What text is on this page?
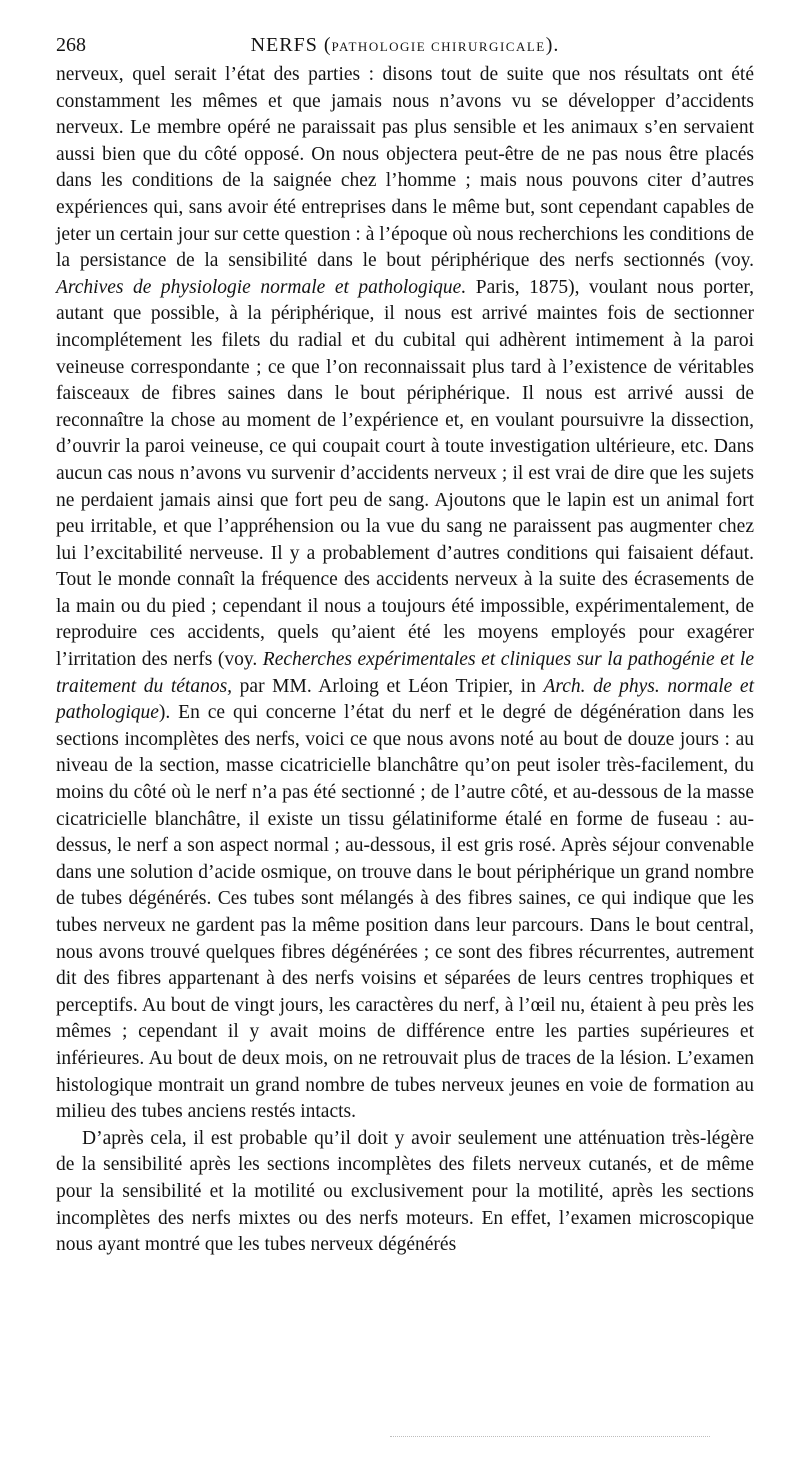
268	NERFS (PATHOLOGIE CHIRURGICALE).

nerveux, quel serait l’état des parties : disons tout de suite que nos résultats ont été constamment les mêmes et que jamais nous n’avons vu se développer d’accidents nerveux. Le membre opéré ne paraissait pas plus sensible et les animaux s’en servaient aussi bien que du côté opposé. On nous objectera peut-être de ne pas nous être placés dans les conditions de la saignée chez l’homme ; mais nous pouvons citer d’autres expériences qui, sans avoir été entreprises dans le même but, sont cependant capables de jeter un certain jour sur cette question : à l’époque où nous recherchions les conditions de la persistance de la sensibilité dans le bout périphérique des nerfs sectionnés (voy. Archives de physiologie normale et pathologique. Paris, 1875), voulant nous porter, autant que possible, à la périphérique, il nous est arrivé maintes fois de sectionner incomplétement les filets du radial et du cubital qui adhèrent intimement à la paroi veineuse correspondante ; ce que l’on reconnaissait plus tard à l’existence de véritables faisceaux de fibres saines dans le bout périphérique. Il nous est arrivé aussi de reconnaître la chose au moment de l’expérience et, en voulant poursuivre la dissection, d’ouvrir la paroi veineuse, ce qui coupait court à toute investigation ultérieure, etc. Dans aucun cas nous n’avons vu survenir d’accidents nerveux ; il est vrai de dire que les sujets ne perdaient jamais ainsi que fort peu de sang. Ajoutons que le lapin est un animal fort peu irritable, et que l’appréhension ou la vue du sang ne paraissent pas augmenter chez lui l’excitabilité nerveuse. Il y a probablement d’autres conditions qui faisaient défaut. Tout le monde connaît la fréquence des accidents nerveux à la suite des écrasements de la main ou du pied ; cependant il nous a toujours été impossible, expérimentalement, de reproduire ces accidents, quels qu’aient été les moyens employés pour exagérer l’irritation des nerfs (voy. Recherches expérimentales et cliniques sur la pathogénie et le traitement du tétanos, par MM. Arloing et Léon Tripier, in Arch. de phys. normale et pathologique). En ce qui concerne l’état du nerf et le degré de dégénération dans les sections incomplètes des nerfs, voici ce que nous avons noté au bout de douze jours : au niveau de la section, masse cicatricielle blanchâtre qu’on peut isoler très-facilement, du moins du côté où le nerf n’a pas été sectionné ; de l’autre côté, et au-dessous de la masse cicatricielle blanchâtre, il existe un tissu gélatiniforme étalé en forme de fuseau : au-dessus, le nerf a son aspect normal ; au-dessous, il est gris rosé. Après séjour convenable dans une solution d’acide osmique, on trouve dans le bout périphérique un grand nombre de tubes dégénérés. Ces tubes sont mélangés à des fibres saines, ce qui indique que les tubes nerveux ne gardent pas la même position dans leur parcours. Dans le bout central, nous avons trouvé quelques fibres dégénérées ; ce sont des fibres récurrentes, autrement dit des fibres appartenant à des nerfs voisins et séparées de leurs centres trophiques et perceptifs. Au bout de vingt jours, les caractères du nerf, à l’œil nu, étaient à peu près les mêmes ; cependant il y avait moins de différence entre les parties supérieures et inférieures. Au bout de deux mois, on ne retrouvait plus de traces de la lésion. L’examen histologique montrait un grand nombre de tubes nerveux jeunes en voie de formation au milieu des tubes anciens restés intacts.

D’après cela, il est probable qu’il doit y avoir seulement une atténuation très-légère de la sensibilité après les sections incomplètes des filets nerveux cutanés, et de même pour la sensibilité et la motilité ou exclusivement pour la motilité, après les sections incomplètes des nerfs mixtes ou des nerfs moteurs. En effet, l’examen microscopique nous ayant montré que les tubes nerveux dégénérés
